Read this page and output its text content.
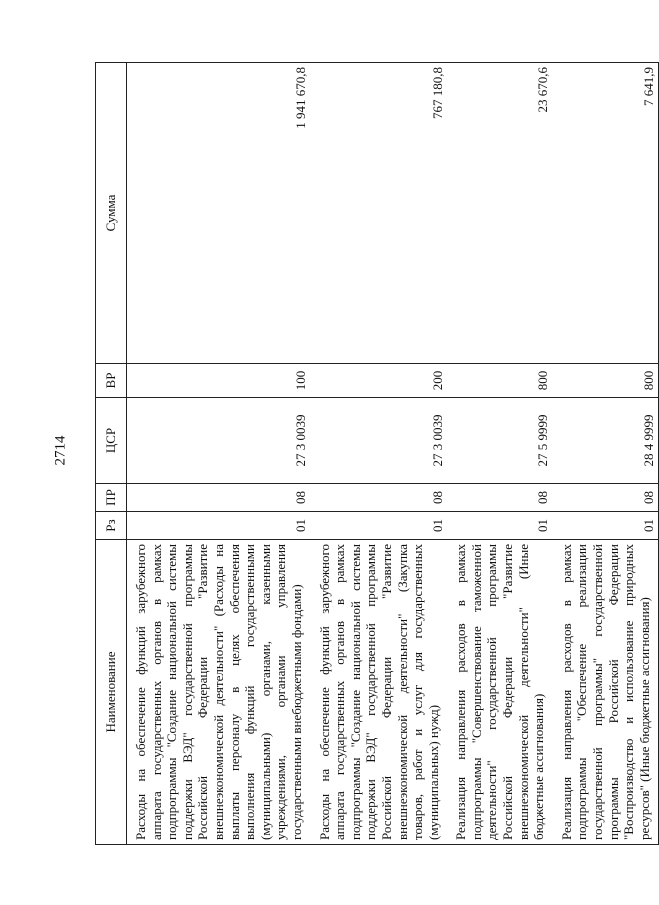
2714
Наименование	Рз	ПР	ЦСР	ВР	Сумма
Расходы на обеспечение функций зарубежного аппарата государственных органов в рамках подпрограммы "Создание национальной системы поддержки ВЭД" государственной программы Российской Федерации "Развитие внешнеэкономической деятельности" (Расходы на выплаты персоналу в целях обеспечения выполнения функций государственными (муниципальными) органами, казенными учреждениями, органами управления государственными внебюджетными фондами)	01	08	27 3 0039	100	1 941 670,8
Расходы на обеспечение функций зарубежного аппарата государственных органов в рамках подпрограммы "Создание национальной системы поддержки ВЭД" государственной программы Российской Федерации "Развитие внешнеэкономической деятельности" (Закупка товаров, работ и услуг для государственных (муниципальных) нужд)	01	08	27 3 0039	200	767 180,8
Реализация направления расходов в рамках подпрограммы "Совершенствование таможенной деятельности" государственной программы Российской Федерации "Развитие внешнеэкономической деятельности" (Иные бюджетные ассигнования)	01	08	27 5 9999	800	23 670,6
Реализация направления расходов в рамках подпрограммы "Обеспечение реализации государственной программы" государственной программы Российской Федерации "Воспроизводство и использование природных ресурсов" (Иные бюджетные ассигнования)	01	08	28 4 9999	800	7 641,9
